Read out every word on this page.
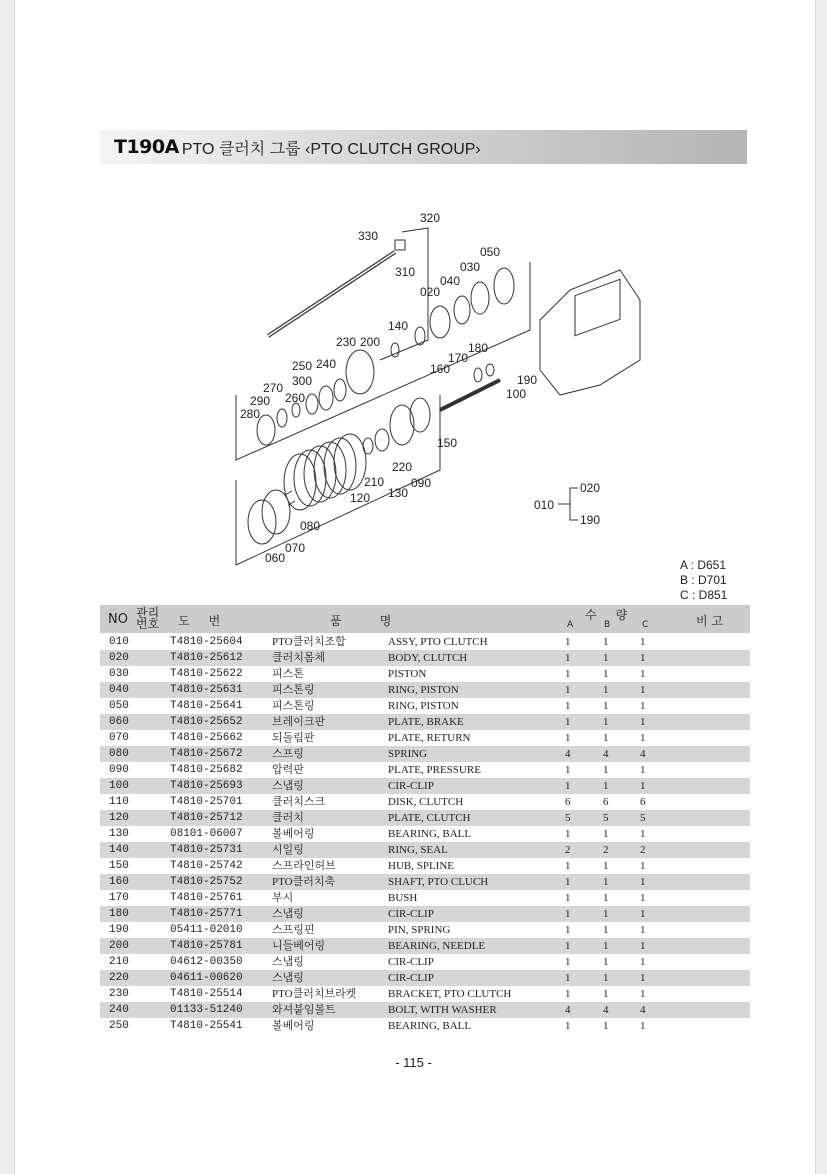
T190A PTO 클러치 그룹 ‹PTO CLUTCH GROUP›
320
330
310
050
030
040
020
140
200
230	180
170
160
240
250
300
270
260
290
280
190
100
150
220
090
210
130
120
080
070
060
010
020
190
A : D651
B : D701
C : D851
NO 관리
번호 도     번	품          명	수     량
A	B	C	비 고
010	T4810-25604	PTO클러치조합	ASSY, PTO CLUTCH	1	1	1
020	T4810-25612	클러치몸체	BODY, CLUTCH	1	1	1
030	T4810-25622	피스톤	PISTON	1	1	1
040	T4810-25631	피스톤링	RING, PISTON	1	1	1
050	T4810-25641	피스톤링	RING, PISTON	1	1	1
060	T4810-25652	브레이크판	PLATE, BRAKE	1	1	1
070	T4810-25662	되돌림판	PLATE, RETURN	1	1	1
080	T4810-25672	스프링	SPRING	4	4	4
090	T4810-25682	압력판	PLATE, PRESSURE	1	1	1
100	T4810-25693	스냅링	CIR-CLIP	1	1	1
110	T4810-25701	클러치스크	DISK, CLUTCH	6	6	6
120	T4810-25712	클러치	PLATE, CLUTCH	5	5	5
130	08101-06007	볼베어링	BEARING, BALL	1	1	1
140	T4810-25731	시일링	RING, SEAL	2	2	2
150	T4810-25742	스프라인허브	HUB, SPLINE	1	1	1
160	T4810-25752	PTO클러치축	SHAFT, PTO CLUCH	1	1	1
170	T4810-25761	부시	BUSH	1	1	1
180	T4810-25771	스냅링	CIR-CLIP	1	1	1
190	05411-02010	스프링핀	PIN, SPRING	1	1	1
200	T4810-25781	니들베어링	BEARING, NEEDLE	1	1	1
210	04612-00350	스냅링	CIR-CLIP	1	1	1
220	04611-00620	스냅링	CIR-CLIP	1	1	1
230	T4810-25514	PTO클러치브라켓	BRACKET, PTO CLUTCH	1	1	1
240	01133-51240	와셔붙임볼트	BOLT, WITH WASHER	4	4	4
250	T4810-25541	볼베어링	BEARING, BALL	1	1	1
- 115 -
